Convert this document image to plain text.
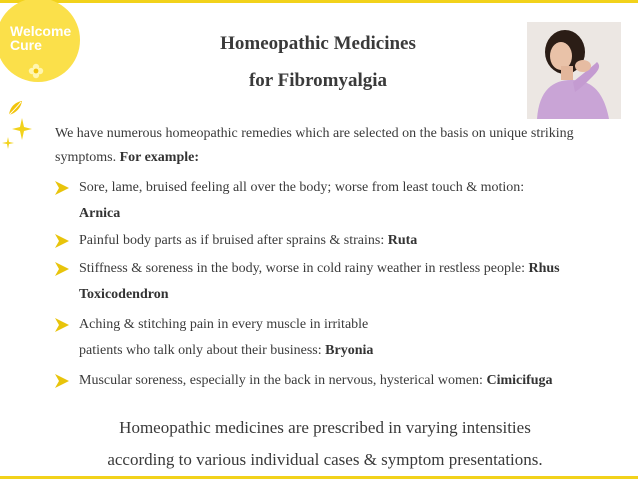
Welcome
Cure	Homeopathic Medicines
for Fibromyalgia
We have numerous homeopathic remedies which are selected on the basis on unique striking symptoms. For example:
Sore, lame, bruised feeling all over the body; worse from least touch & motion:
Arnica
Painful body parts as if bruised after sprains & strains: Ruta
Stiffness & soreness in the body, worse in cold rainy weather in restless people: Rhus Toxicodendron
Aching & stitching pain in every muscle in irritable
patients who talk only about their business: Bryonia
Muscular soreness, especially in the back in nervous, hysterical women: Cimicifuga
Homeopathic medicines are prescribed in varying intensities
according to various individual cases & symptom presentations.
